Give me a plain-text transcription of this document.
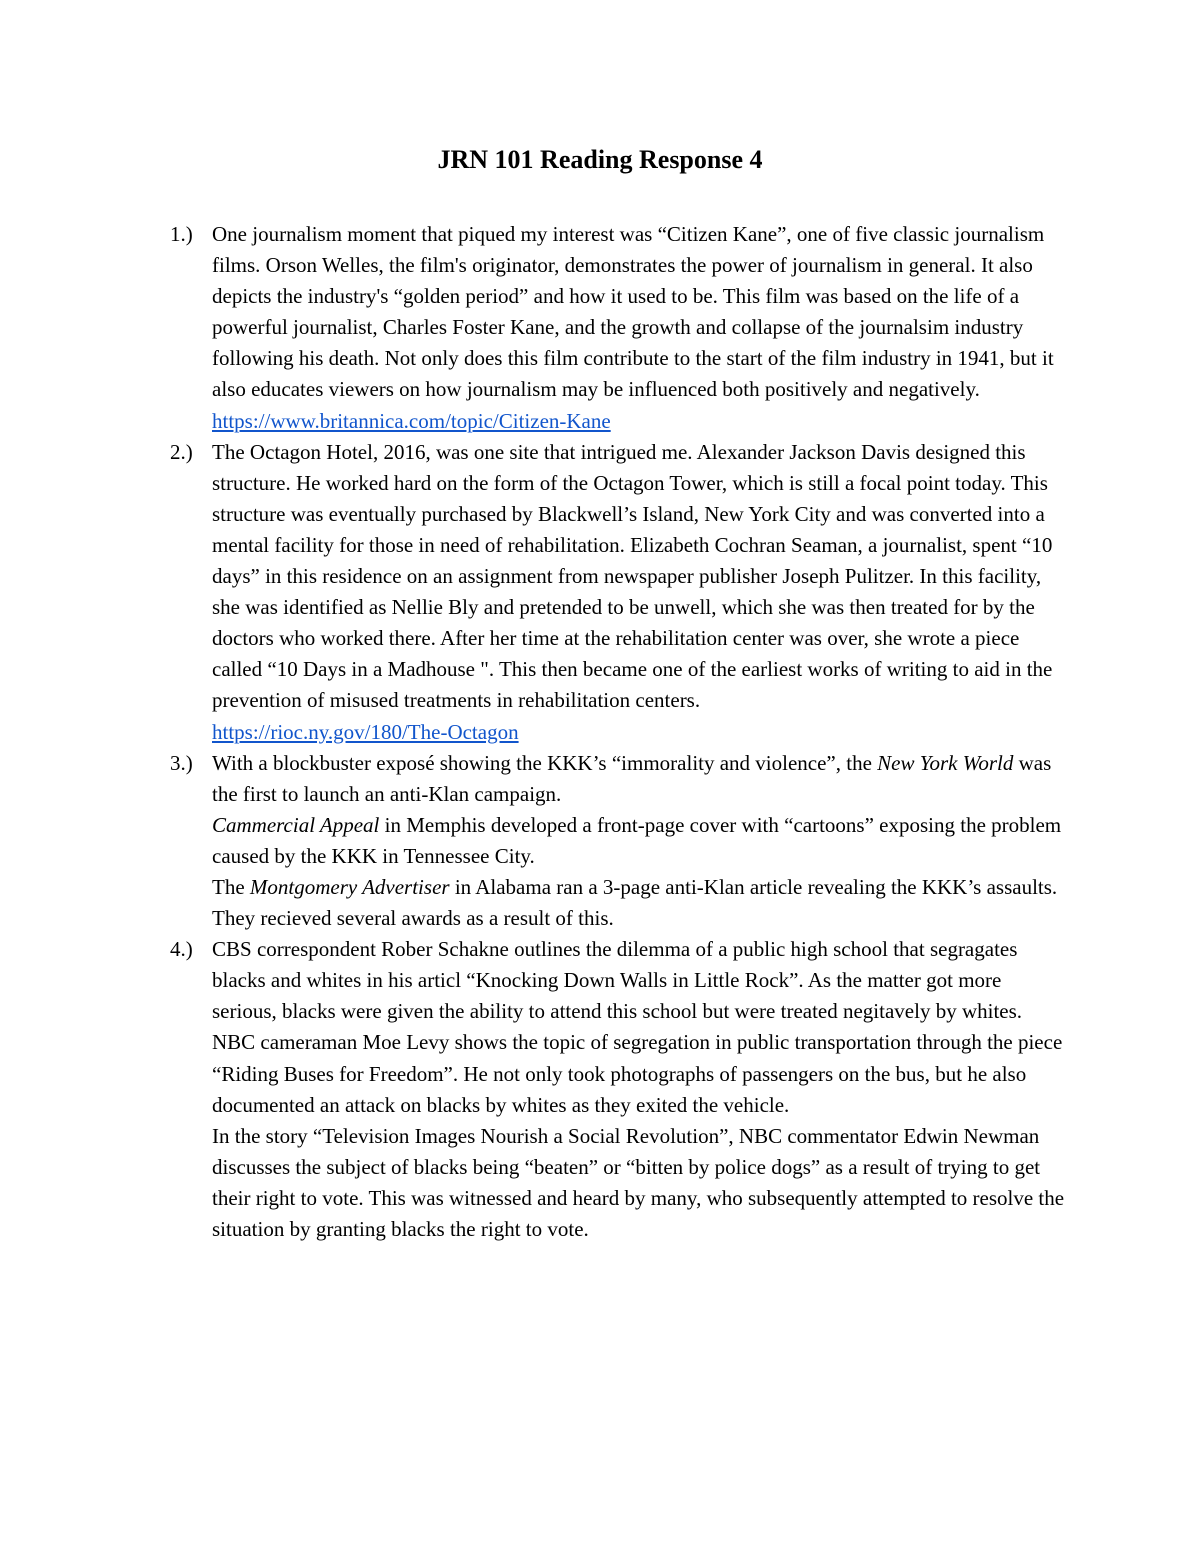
JRN 101 Reading Response 4
1.) One journalism moment that piqued my interest was “Citizen Kane”, one of five classic journalism films. Orson Welles, the film's originator, demonstrates the power of journalism in general. It also depicts the industry's “golden period” and how it used to be. This film was based on the life of a powerful journalist, Charles Foster Kane, and the growth and collapse of the journalsim industry following his death. Not only does this film contribute to the start of the film industry in 1941, but it also educates viewers on how journalism may be influenced both positively and negatively.
https://www.britannica.com/topic/Citizen-Kane
2.) The Octagon Hotel, 2016, was one site that intrigued me. Alexander Jackson Davis designed this structure. He worked hard on the form of the Octagon Tower, which is still a focal point today. This structure was eventually purchased by Blackwell’s Island, New York City and was converted into a mental facility for those in need of rehabilitation. Elizabeth Cochran Seaman, a journalist, spent “10 days” in this residence on an assignment from newspaper publisher Joseph Pulitzer. In this facility, she was identified as Nellie Bly and pretended to be unwell, which she was then treated for by the doctors who worked there. After her time at the rehabilitation center was over, she wrote a piece called “10 Days in a Madhouse ". This then became one of the earliest works of writing to aid in the prevention of misused treatments in rehabilitation centers.
https://rioc.ny.gov/180/The-Octagon
3.) With a blockbuster exposé showing the KKK’s “immorality and violence”, the New York World was the first to launch an anti-Klan campaign.
Cammercial Appeal in Memphis developed a front-page cover with “cartoons” exposing the problem caused by the KKK in Tennessee City.
The Montgomery Advertiser in Alabama ran a 3-page anti-Klan article revealing the KKK’s assaults. They recieved several awards as a result of this.
4.) CBS correspondent Rober Schakne outlines the dilemma of a public high school that segragates blacks and whites in his articl “Knocking Down Walls in Little Rock”. As the matter got more serious, blacks were given the ability to attend this school but were treated negitavely by whites.
NBC cameraman Moe Levy shows the topic of segregation in public transportation through the piece “Riding Buses for Freedom”. He not only took photographs of passengers on the bus, but he also documented an attack on blacks by whites as they exited the vehicle.
In the story “Television Images Nourish a Social Revolution”, NBC commentator Edwin Newman discusses the subject of blacks being “beaten” or “bitten by police dogs” as a result of trying to get their right to vote. This was witnessed and heard by many, who subsequently attempted to resolve the situation by granting blacks the right to vote.
